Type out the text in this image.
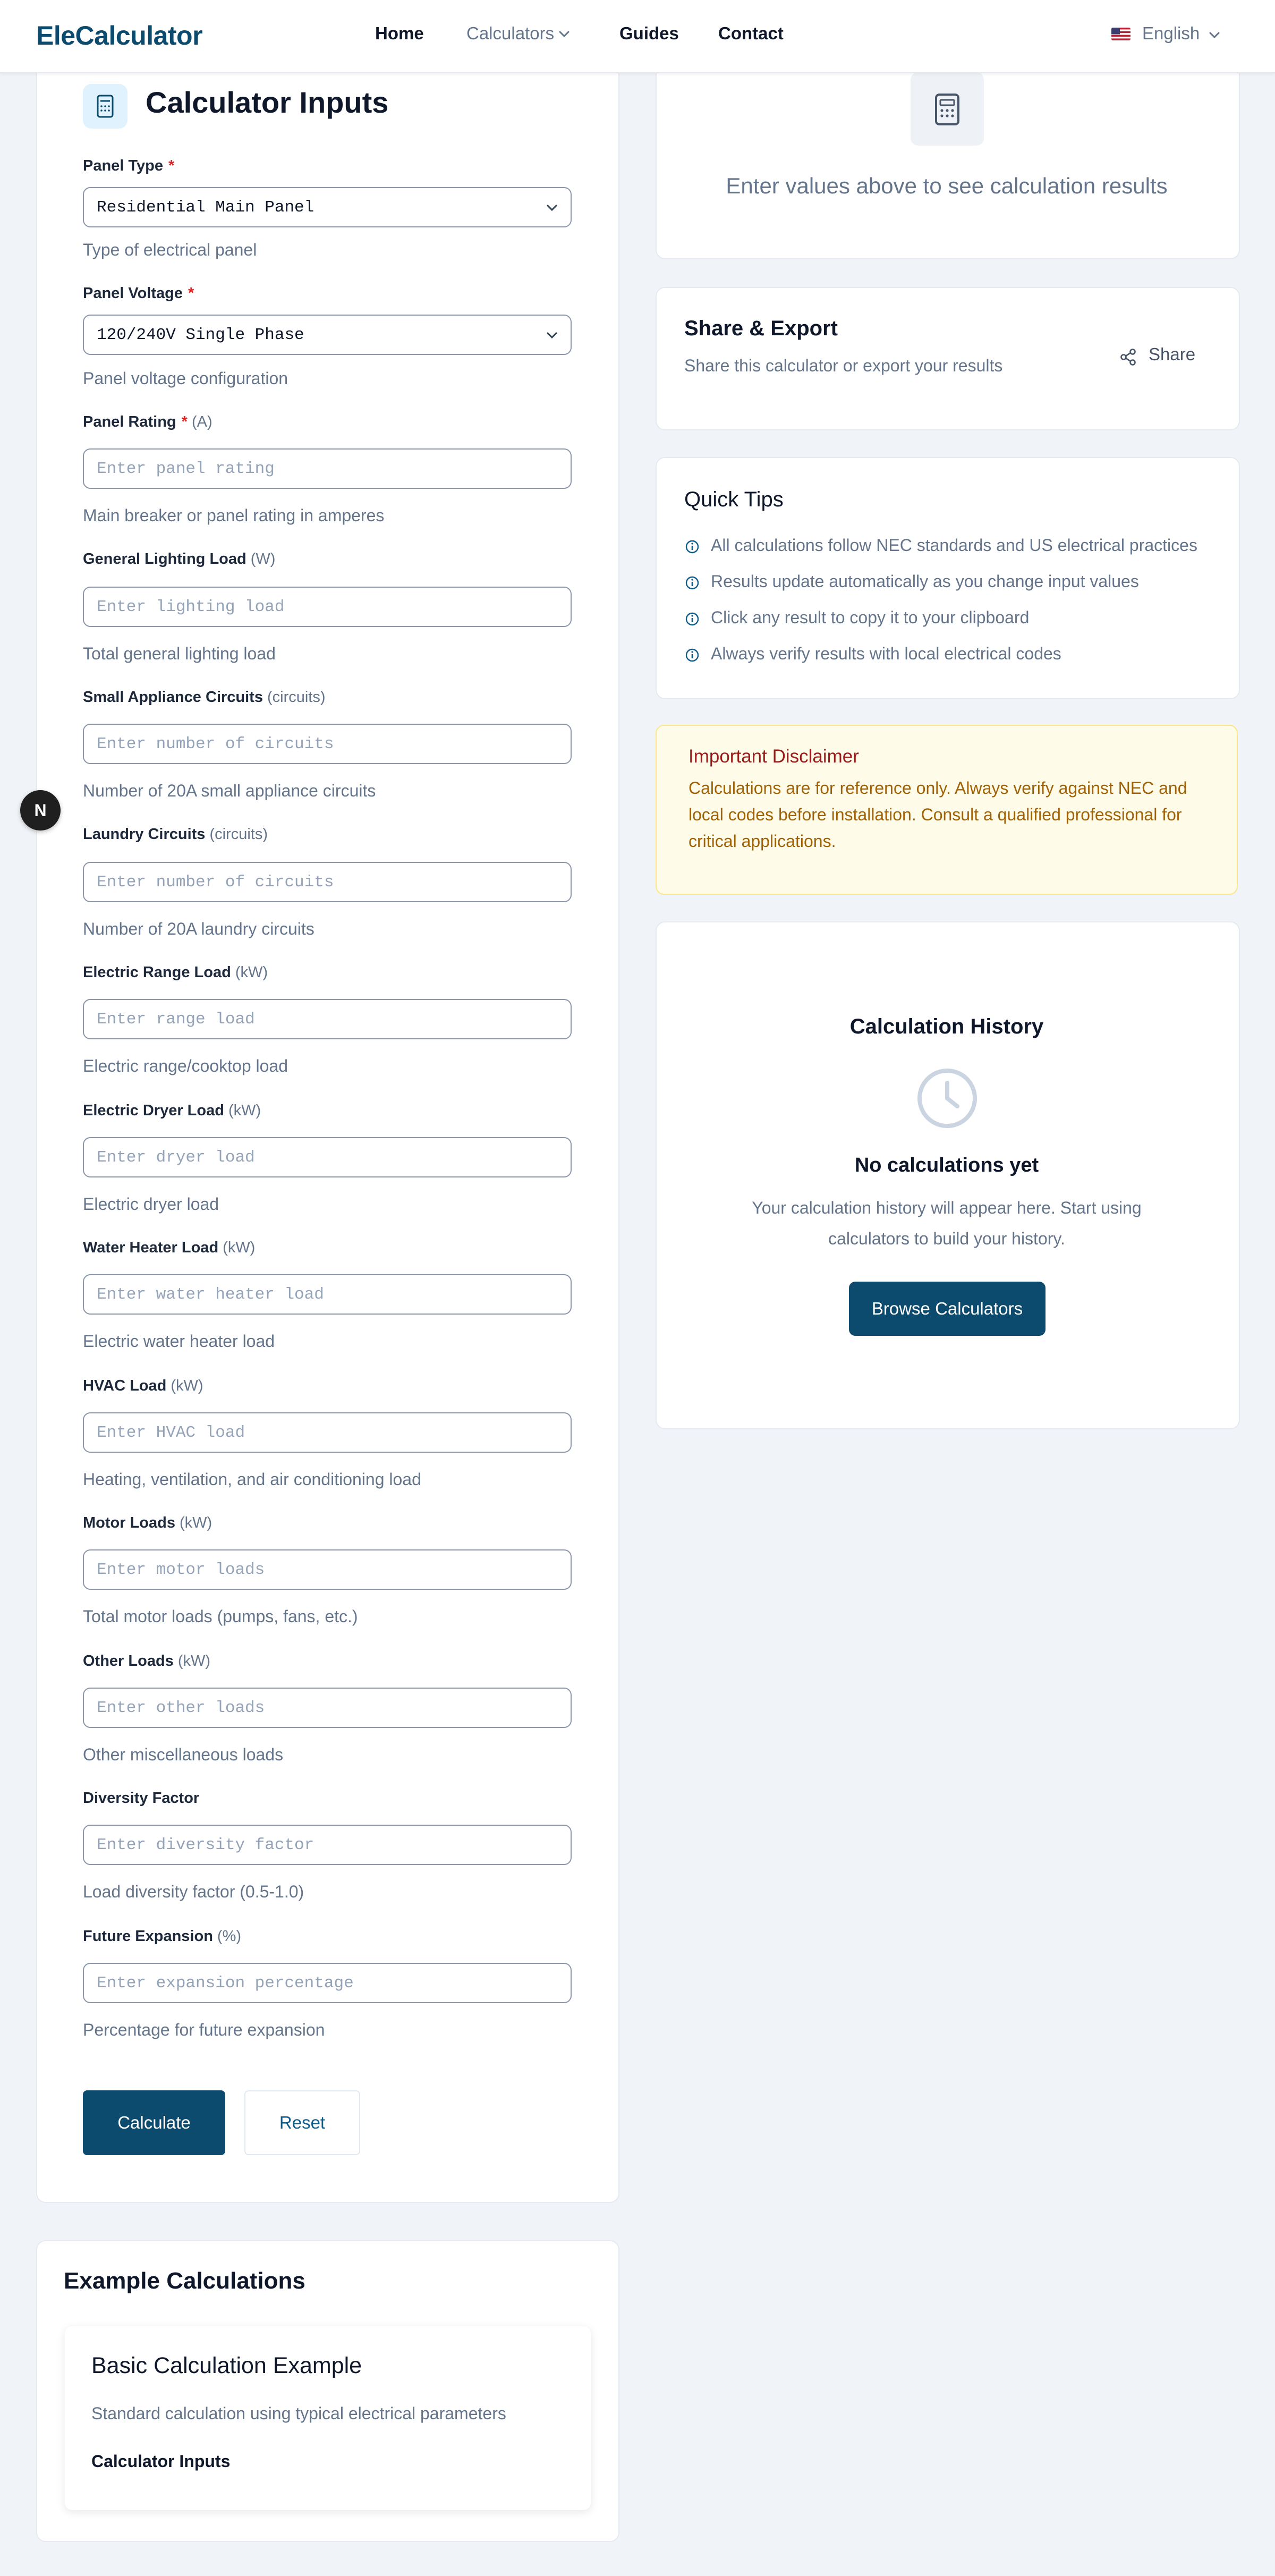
EleCalculator	Home Calculators	Guides Contact	English
Calculator Inputs
Panel Type *
Residential Main Panel
Type of electrical panel
Panel Voltage *
120/240V Single Phase
Panel voltage configuration
Panel Rating * (A)
Enter panel rating
Main breaker or panel rating in amperes
General Lighting Load (W)
Enter lighting load
Total general lighting load
Small Appliance Circuits (circuits)
Enter number of circuits
Number of 20A small appliance circuits
Laundry Circuits (circuits)
Enter number of circuits
Number of 20A laundry circuits
Electric Range Load (kW)
Enter range load
Electric range/cooktop load
Electric Dryer Load (kW)
Enter dryer load
Electric dryer load
Water Heater Load (kW)
Enter water heater load
Electric water heater load
HVAC Load (kW)
Enter HVAC load
Heating, ventilation, and air conditioning load
Motor Loads (kW)
Enter motor loads
Total motor loads (pumps, fans, etc.)
Other Loads (kW)
Enter other loads
Other miscellaneous loads
Diversity Factor
Enter diversity factor
Load diversity factor (0.5-1.0)
Future Expansion (%)
Enter expansion percentage
Percentage for future expansion
Calculate	Reset
Example Calculations
Basic Calculation Example
Standard calculation using typical electrical parameters
Calculator Inputs
Enter values above to see calculation results
Share & Export
Share this calculator or export your results
Share
Quick Tips
All calculations follow NEC standards and US electrical practices
Results update automatically as you change input values
Click any result to copy it to your clipboard
Always verify results with local electrical codes
Important Disclaimer
Calculations are for reference only. Always verify against NEC and local codes before installation. Consult a qualified professional for critical applications.
Calculation History
No calculations yet
Your calculation history will appear here. Start using calculators to build your history.
Browse Calculators
N
